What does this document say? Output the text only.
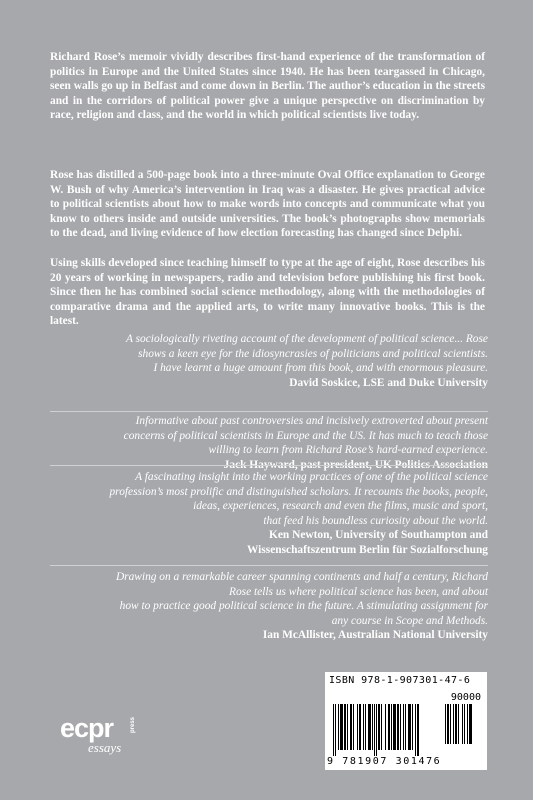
Richard Rose’s memoir vividly describes first-hand experience of the transformation of politics in Europe and the United States since 1940. He has been teargassed in Chicago, seen walls go up in Belfast and come down in Berlin. The author’s education in the streets and in the corridors of political power give a unique perspective on discrimination by race, religion and class, and the world in which political scientists live today.

Rose has distilled a 500-page book into a three-minute Oval Office explanation to George W. Bush of why America’s intervention in Iraq was a disaster. He gives practical advice to political scientists about how to make words into concepts and communicate what you know to others inside and outside universities. The book’s photographs show memorials to the dead, and living evidence of how election forecasting has changed since Delphi.

Using skills developed since teaching himself to type at the age of eight, Rose describes his 20 years of working in newspapers, radio and television before publishing his first book. Since then he has combined social science methodology, along with the methodologies of comparative drama and the applied arts, to write many innovative books. This is the latest.

A sociologically riveting account of the development of political science... Rose
shows a keen eye for the idiosyncrasies of politicians and political scientists.
I have learnt a huge amount from this book, and with enormous pleasure.
David Soskice, LSE and Duke University
Informative about past controversies and incisively extroverted about present
concerns of political scientists in Europe and the US. It has much to teach those
willing to learn from Richard Rose’s hard-earned experience.
Jack Hayward, past president, UK Politics Association
A fascinating insight into the working practices of one of the political science
profession’s most prolific and distinguished scholars. It recounts the books, people,
ideas, experiences, research and even the films, music and sport,
that feed his boundless curiosity about the world.
Ken Newton, University of Southampton and
Wissenschaftszentrum Berlin für Sozialforschung
Drawing on a remarkable career spanning continents and half a century, Richard
Rose tells us where political science has been, and about
how to practice good political science in the future. A stimulating assignment for
any course in Scope and Methods.
Ian McAllister, Australian National University
ecpr	press
essays
ISBN 978-1-907301-47-6
90000
9 781907 301476
